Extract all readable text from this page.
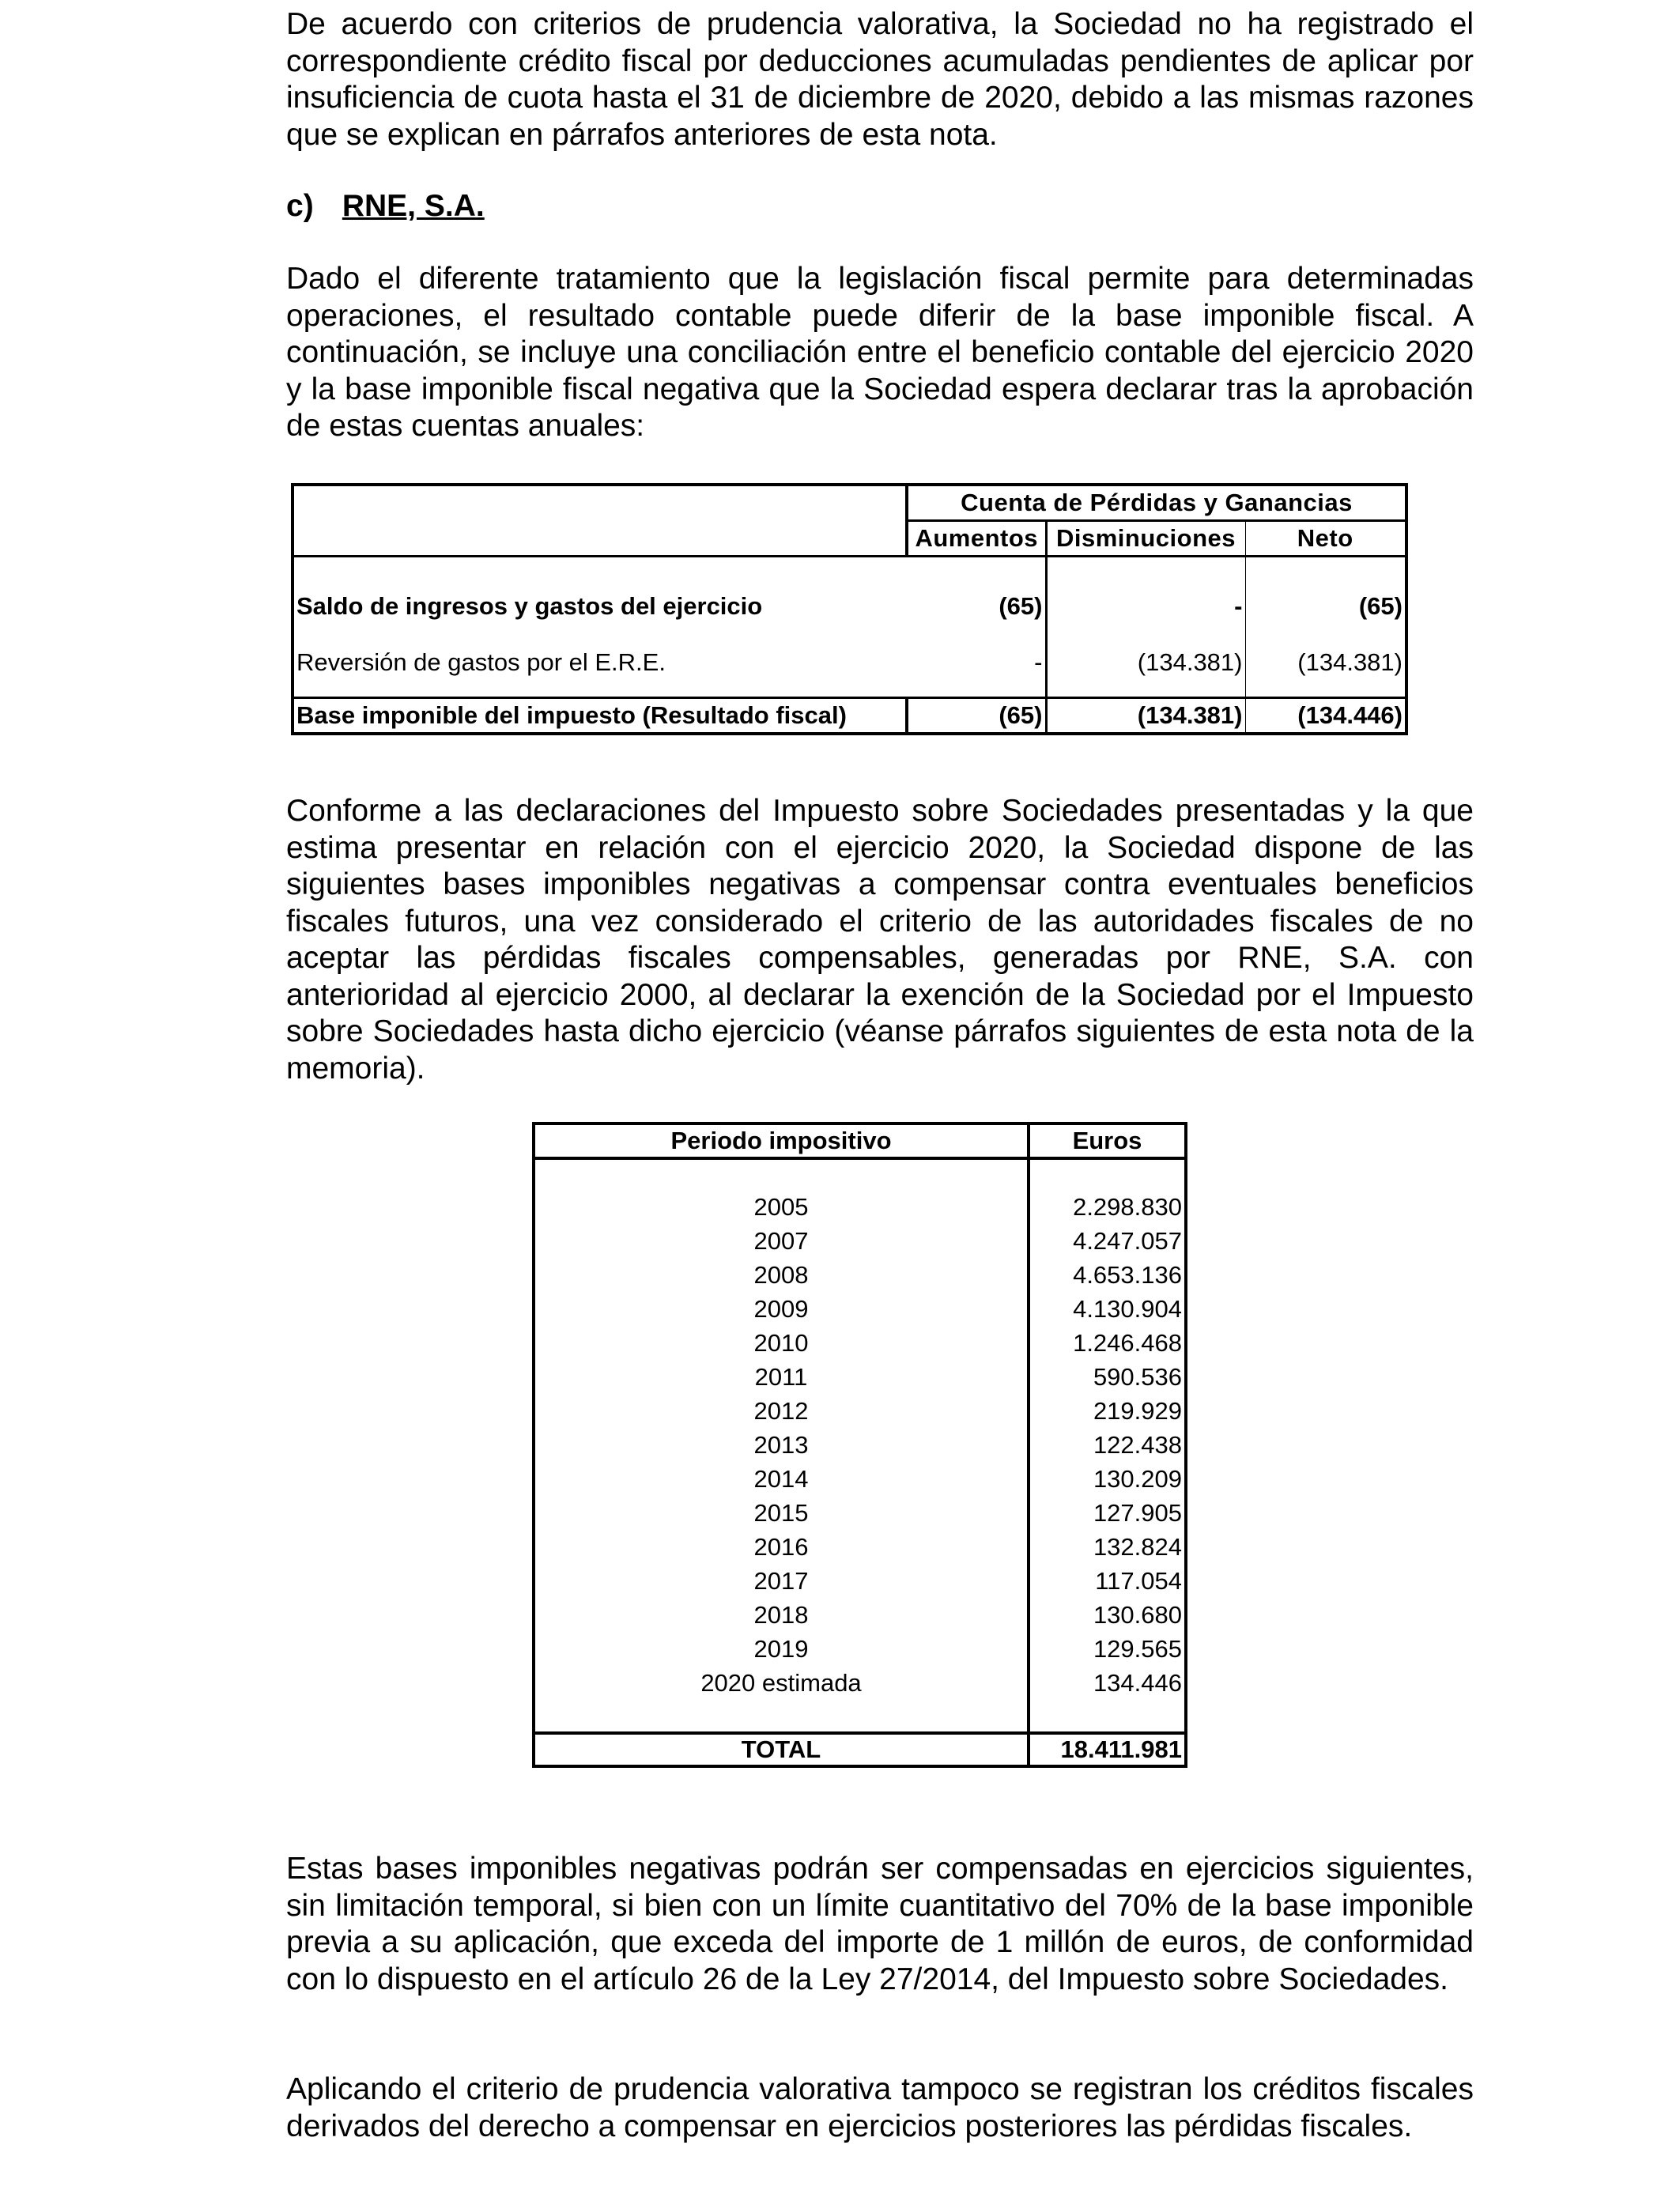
De acuerdo con criterios de prudencia valorativa, la Sociedad no ha registrado el correspondiente crédito fiscal por deducciones acumuladas pendientes de aplicar por insuficiencia de cuota hasta el 31 de diciembre de 2020, debido a las mismas razones que se explican en párrafos anteriores de esta nota.

c) RNE, S.A.

Dado el diferente tratamiento que la legislación fiscal permite para determinadas operaciones, el resultado contable puede diferir de la base imponible fiscal. A continuación, se incluye una conciliación entre el beneficio contable del ejercicio 2020 y la base imponible fiscal negativa que la Sociedad espera declarar tras la aprobación de estas cuentas anuales:

	Cuenta de Pérdidas y Ganancias		
	Aumentos	Disminuciones	Neto
Saldo de ingresos y gastos del ejercicio	(65)	-	(65)
Reversión de gastos por el E.R.E.	-	(134.381)	(134.381)
Base imponible del impuesto (Resultado fiscal)	(65)	(134.381)	(134.446)

Conforme a las declaraciones del Impuesto sobre Sociedades presentadas y la que estima presentar en relación con el ejercicio 2020, la Sociedad dispone de las siguientes bases imponibles negativas a compensar contra eventuales beneficios fiscales futuros, una vez considerado el criterio de las autoridades fiscales de no aceptar las pérdidas fiscales compensables, generadas por RNE, S.A. con anterioridad al ejercicio 2000, al declarar la exención de la Sociedad por el Impuesto sobre Sociedades hasta dicho ejercicio (véanse párrafos siguientes de esta nota de la memoria).

Periodo impositivo	Euros

2005	2.298.830
2007	4.247.057
2008	4.653.136
2009	4.130.904
2010	1.246.468
2011	590.536
2012	219.929
2013	122.438
2014	130.209
2015	127.905
2016	132.824
2017	117.054
2018	130.680
2019	129.565
2020 estimada	134.446

TOTAL	18.411.981

Estas bases imponibles negativas podrán ser compensadas en ejercicios siguientes, sin limitación temporal, si bien con un límite cuantitativo del 70% de la base imponible previa a su aplicación, que exceda del importe de 1 millón de euros, de conformidad con lo dispuesto en el artículo 26 de la Ley 27/2014, del Impuesto sobre Sociedades.

Aplicando el criterio de prudencia valorativa tampoco se registran los créditos fiscales derivados del derecho a compensar en ejercicios posteriores las pérdidas fiscales.
